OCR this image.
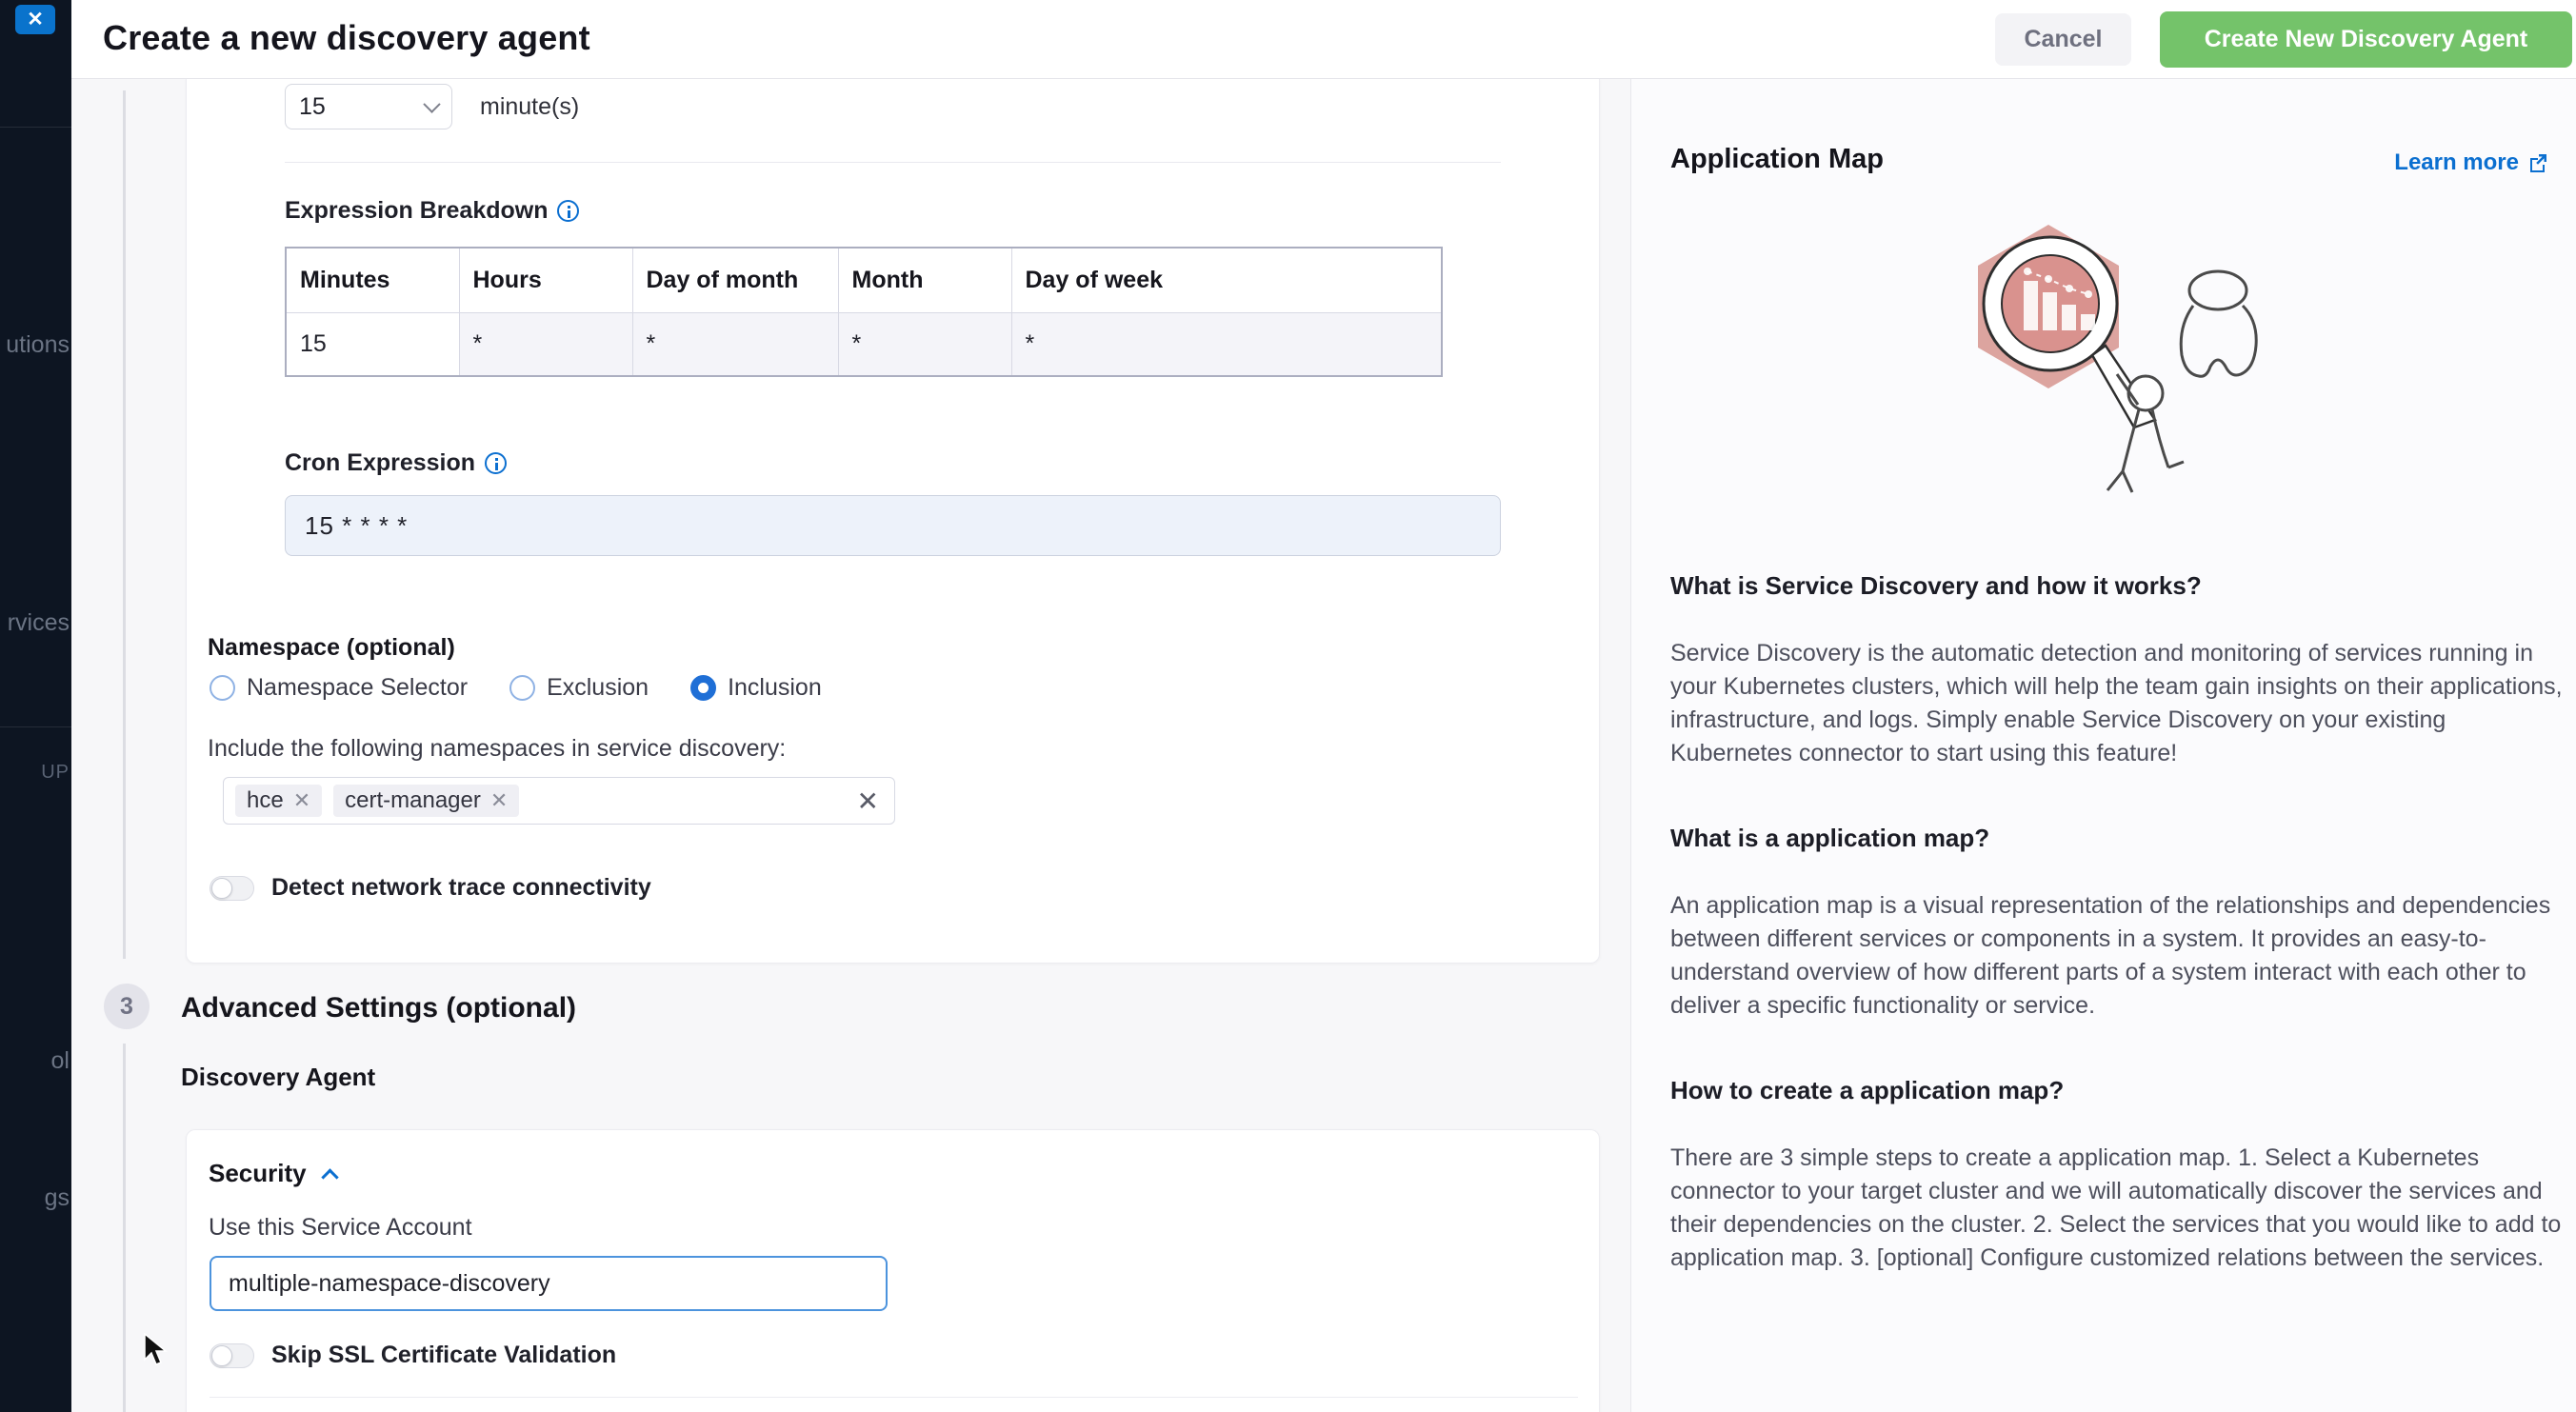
utions
rvices
UP
ol
gs
✕	Create a new discovery agent	Cancel	Create New Discovery Agent
15	minute(s)
Expression Breakdown
Minutes	Hours	Day of month	Month	Day of week
15	*	*	*	*
Cron Expression
15 * * * *
Namespace (optional)
Namespace Selector	Exclusion	Inclusion
Include the following namespaces in service discovery:
hce ✕ cert-manager ✕	✕
Detect network trace connectivity
3	Advanced Settings (optional)
Discovery Agent
Security
Use this Service Account
multiple-namespace-discovery
Skip SSL Certificate Validation
Application Map	Learn more
What is Service Discovery and how it works?

Service Discovery is the automatic detection and monitoring of services running in your Kubernetes clusters, which will help the team gain insights on their applications, infrastructure, and logs. Simply enable Service Discovery on your existing Kubernetes connector to start using this feature!

What is a application map?

An application map is a visual representation of the relationships and dependencies between different services or components in a system. It provides an easy-to-understand overview of how different parts of a system interact with each other to deliver a specific functionality or service.

How to create a application map?

There are 3 simple steps to create a application map. 1. Select a Kubernetes connector to your target cluster and we will automatically discover the services and their dependencies on the cluster. 2. Select the services that you would like to add to application map. 3. [optional] Configure customized relations between the services.
